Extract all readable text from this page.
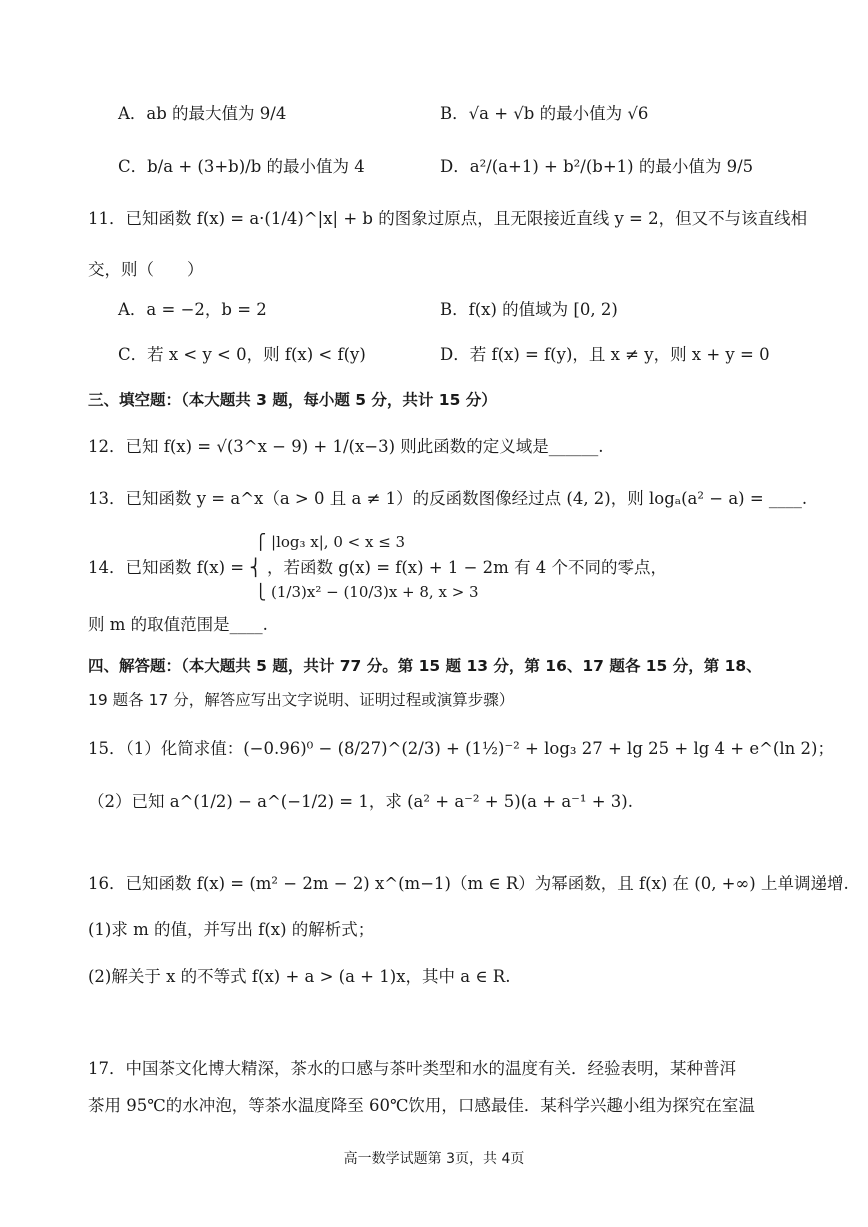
A．ab 的最大值为 9/4	B．√a + √b 的最小值为 √6
C．b/a + (3+b)/b 的最小值为 4	D．a²/(a+1) + b²/(b+1) 的最小值为 9/5
11．已知函数 f(x) = a·(1/4)^|x| + b 的图象过原点，且无限接近直线 y = 2，但又不与该直线相
交，则（　　）
A．a = −2，b = 2	B．f(x) 的值域为 [0, 2)
C．若 x < y < 0，则 f(x) < f(y)	D．若 f(x) = f(y)，且 x ≠ y，则 x + y = 0
三、填空题：（本大题共 3 题，每小题 5 分，共计 15 分）
12．已知 f(x) = √(3^x − 9) + 1/(x−3) 则此函数的定义域是______.
13．已知函数 y = a^x（a > 0 且 a ≠ 1）的反函数图像经过点 (4, 2)，则 logₐ(a² − a) = ____.
⎧ |log₃ x|, 0 < x ≤ 3
14．已知函数 f(x) = ⎨ ，若函数 g(x) = f(x) + 1 − 2m 有 4 个不同的零点，
⎩ (1/3)x² − (10/3)x + 8, x > 3
则 m 的取值范围是____.
四、解答题：（本大题共 5 题，共计 77 分。第 15 题 13 分，第 16、17 题各 15 分，第 18、
19 题各 17 分，解答应写出文字说明、证明过程或演算步骤）
15．（1）化简求值：(−0.96)⁰ − (8/27)^(2/3) + (1½)⁻² + log₃ 27 + lg 25 + lg 4 + e^(ln 2)；
（2）已知 a^(1/2) − a^(−1/2) = 1，求 (a² + a⁻² + 5)(a + a⁻¹ + 3).
16．已知函数 f(x) = (m² − 2m − 2) x^(m−1)（m ∈ R）为幂函数，且 f(x) 在 (0, +∞) 上单调递增.
(1)求 m 的值，并写出 f(x) 的解析式；
(2)解关于 x 的不等式 f(x) + a > (a + 1)x，其中 a ∈ R.
17．中国茶文化博大精深，茶水的口感与茶叶类型和水的温度有关．经验表明，某种普洱
茶用 95℃的水冲泡，等茶水温度降至 60℃饮用，口感最佳．某科学兴趣小组为探究在室温
高一数学试题第 3页，共 4页
